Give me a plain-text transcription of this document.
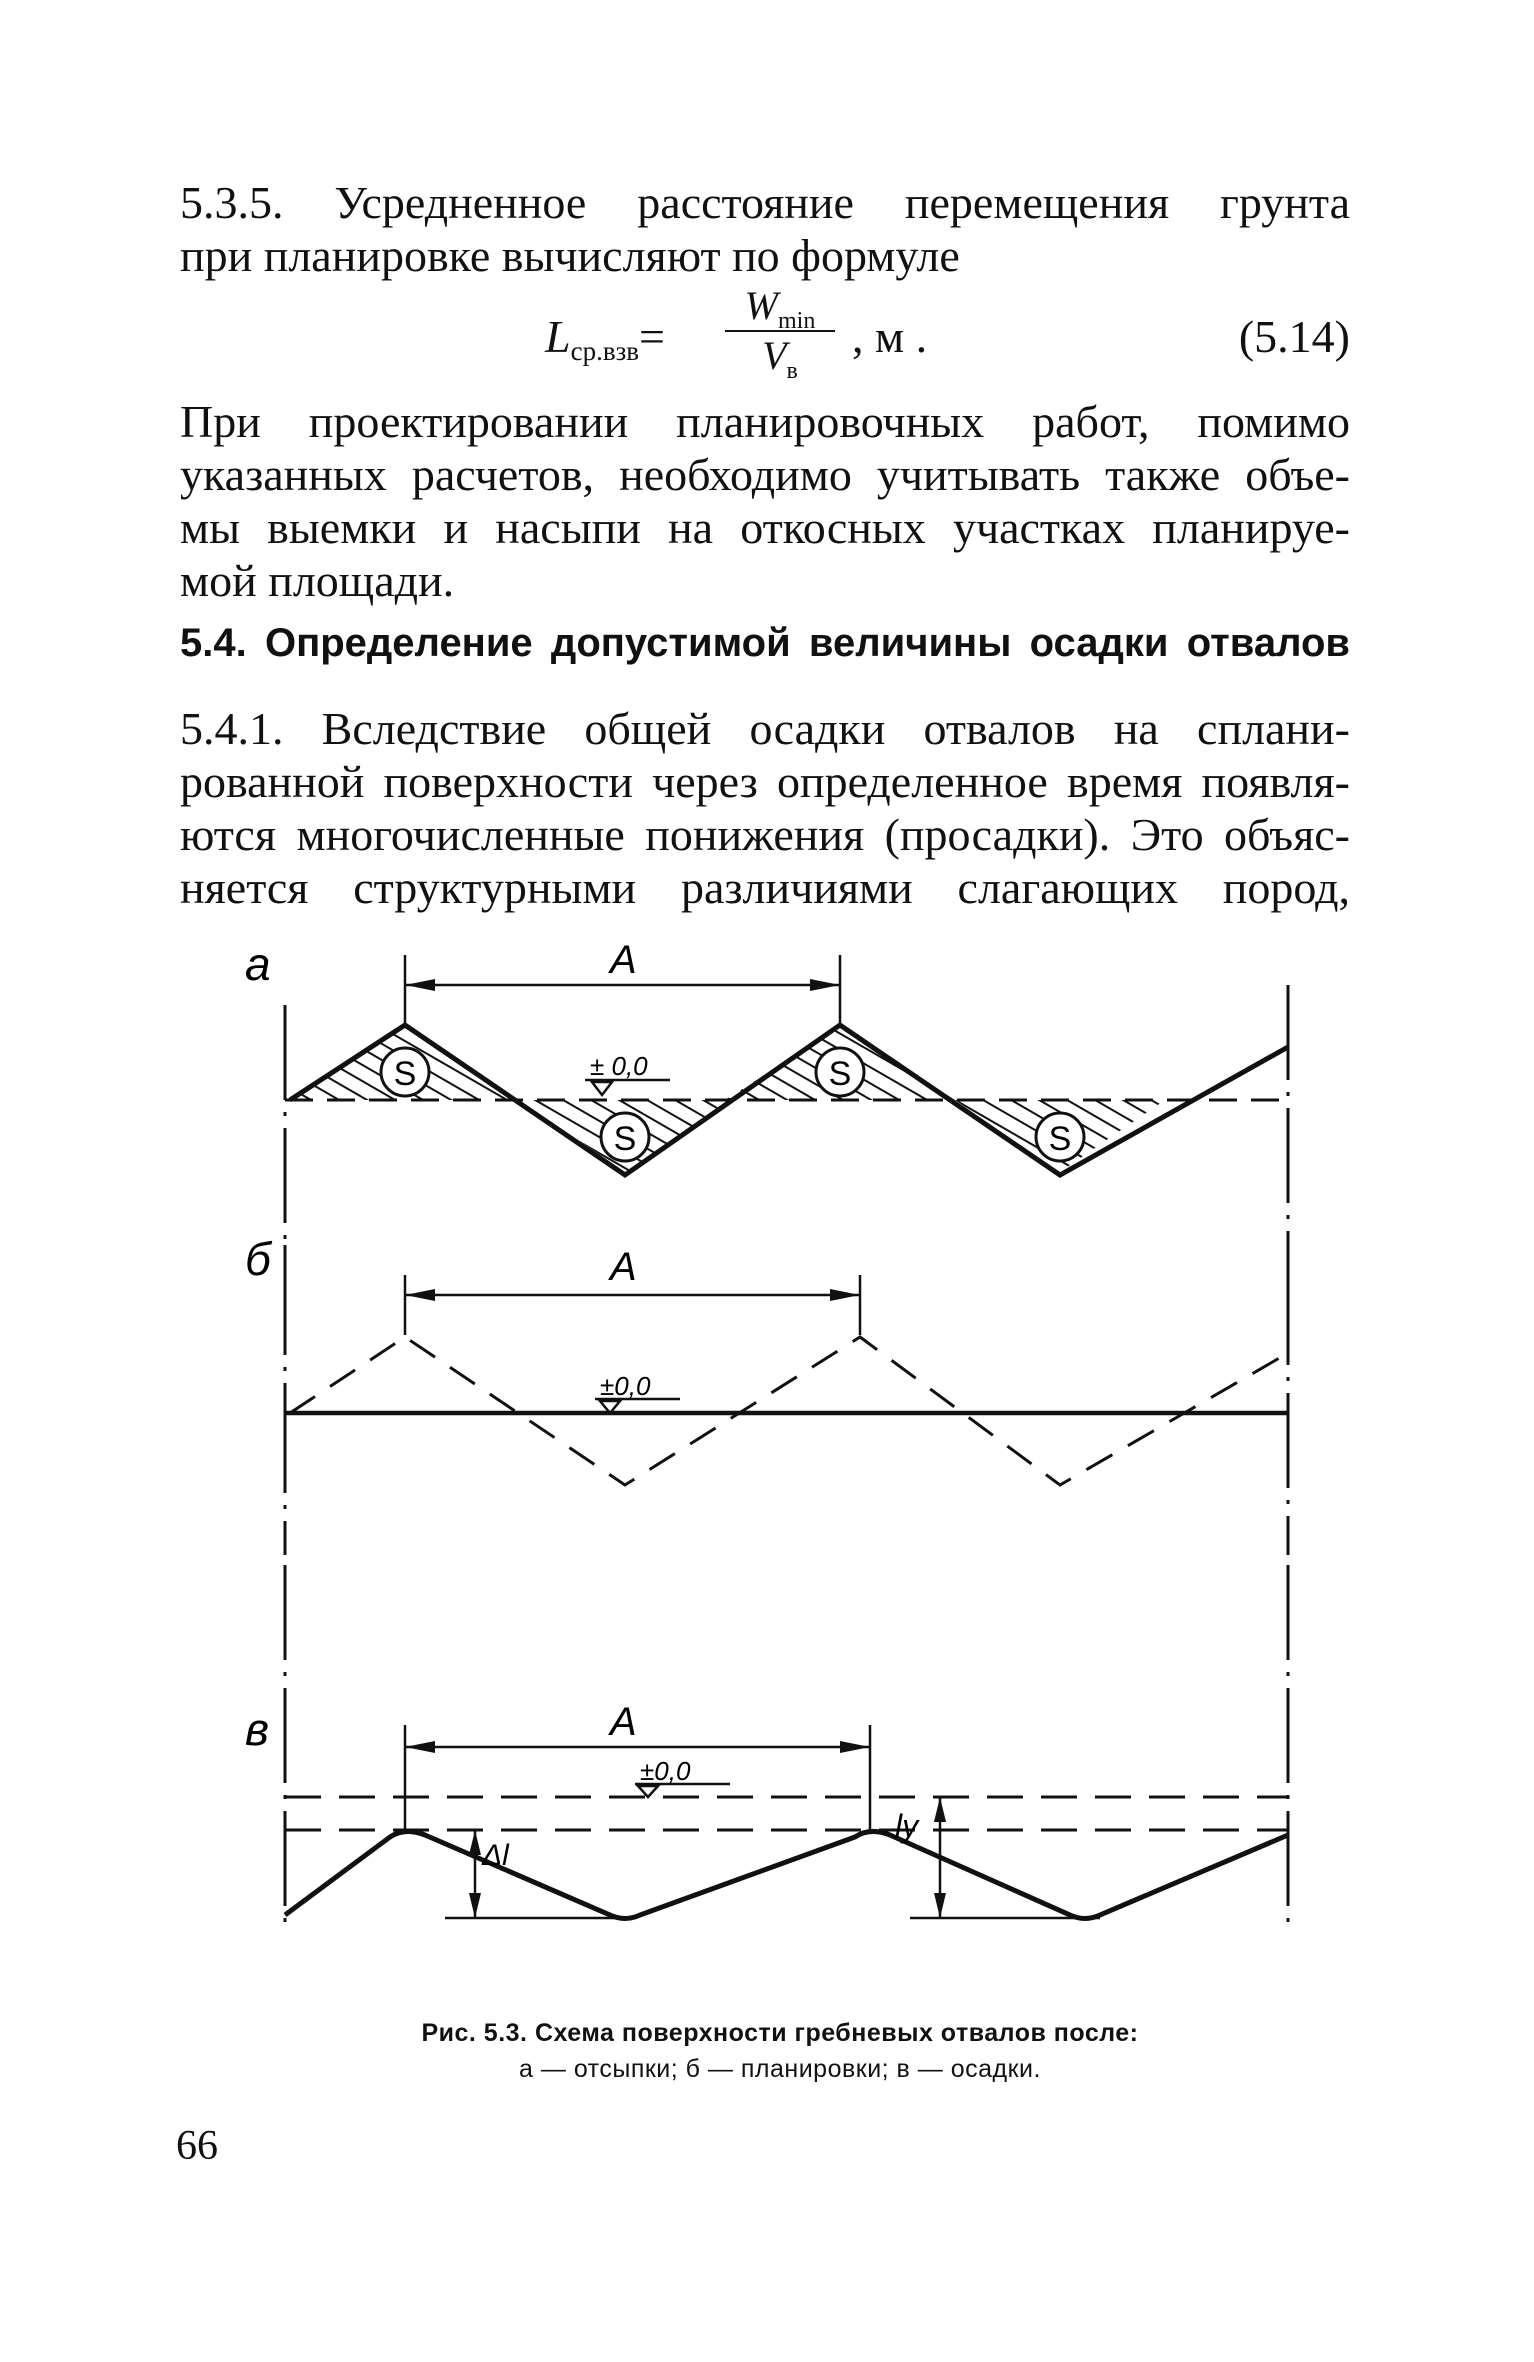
5.3.5. Усредненное расстояние перемещения грунта

при планировке вычисляют по формуле

$L_{ср.взв}=$
$W_{min}$
$V_в$
, м .	(5.14)

При проектировании планировочных работ, помимо

указанных расчетов, необходимо учитывать также объе-

мы выемки и насыпи на откосных участках планируе-

мой площади.

5.4. Определение допустимой величины осадки отвалов

5.4.1. Вследствие общей осадки отвалов на сплани-

рованной поверхности через определенное время появля-

ются многочисленные понижения (просадки). Это объяс-

няется структурными различиями слагающих пород,

а	A
S
S
S
S
± 0,0
б	A
±0,0
в	A
±0,0
Δl
lу
Рис. 5.3. Схема поверхности гребневых отвалов после:
а — отсыпки; б — планировки; в — осадки.
66
